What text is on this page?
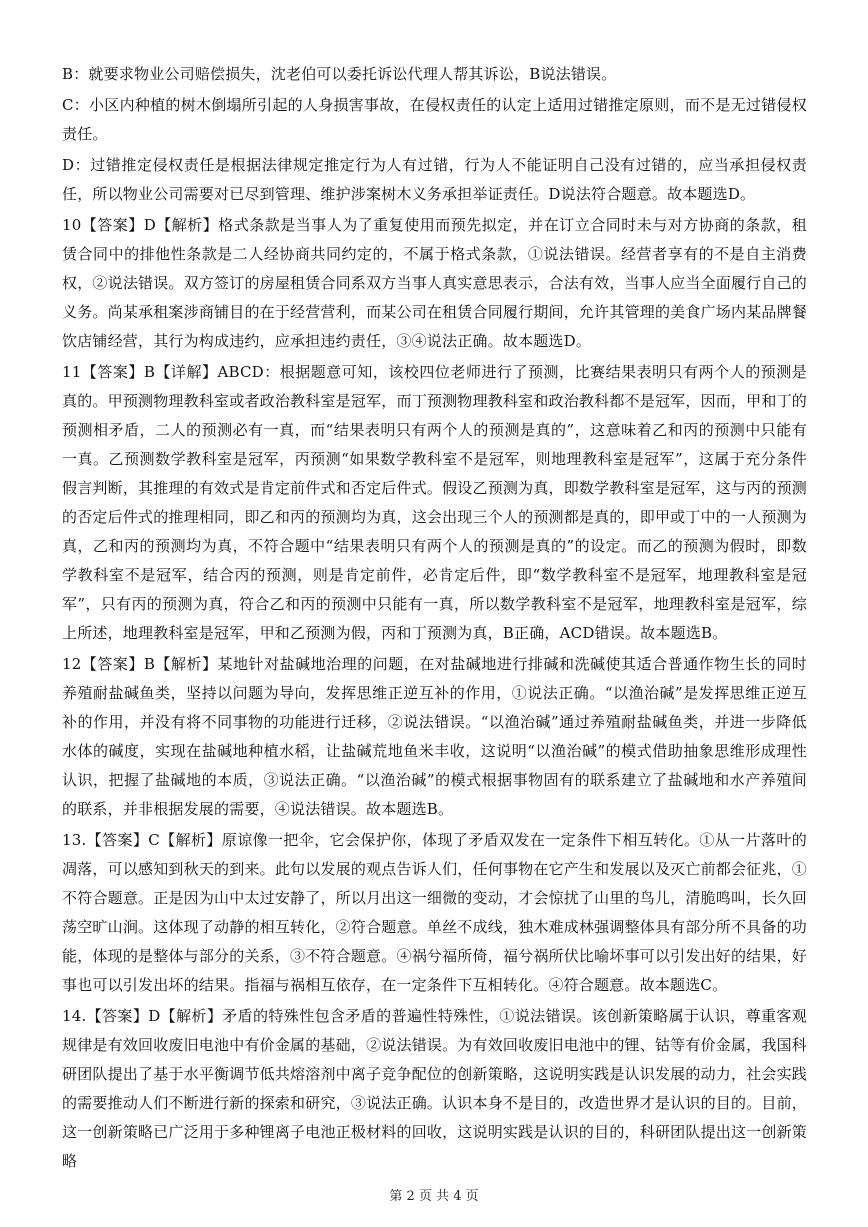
B：就要求物业公司赔偿损失，沈老伯可以委托诉讼代理人帮其诉讼，B说法错误。

C：小区内种植的树木倒塌所引起的人身损害事故，在侵权责任的认定上适用过错推定原则，而不是无过错侵权责任。

D：过错推定侵权责任是根据法律规定推定行为人有过错，行为人不能证明自己没有过错的，应当承担侵权责任，所以物业公司需要对已尽到管理、维护涉案树木义务承担举证责任。D说法符合题意。故本题选D。

10【答案】D【解析】格式条款是当事人为了重复使用而预先拟定，并在订立合同时未与对方协商的条款，租赁合同中的排他性条款是二人经协商共同约定的，不属于格式条款，①说法错误。经营者享有的不是自主消费权，②说法错误。双方签订的房屋租赁合同系双方当事人真实意思表示，合法有效，当事人应当全面履行自己的义务。尚某承租案涉商铺目的在于经营营利，而某公司在租赁合同履行期间，允许其管理的美食广场内某品牌餐饮店铺经营，其行为构成违约，应承担违约责任，③④说法正确。故本题选D。

11【答案】B【详解】ABCD：根据题意可知，该校四位老师进行了预测，比赛结果表明只有两个人的预测是真的。甲预测物理教科室或者政治教科室是冠军，而丁预测物理教科室和政治教科都不是冠军，因而，甲和丁的预测相矛盾，二人的预测必有一真，而“结果表明只有两个人的预测是真的”，这意味着乙和丙的预测中只能有一真。乙预测数学教科室是冠军，丙预测“如果数学教科室不是冠军，则地理教科室是冠军”，这属于充分条件假言判断，其推理的有效式是肯定前件式和否定后件式。假设乙预测为真，即数学教科室是冠军，这与丙的预测的否定后件式的推理相同，即乙和丙的预测均为真，这会出现三个人的预测都是真的，即甲或丁中的一人预测为真，乙和丙的预测均为真，不符合题中“结果表明只有两个人的预测是真的”的设定。而乙的预测为假时，即数学教科室不是冠军，结合丙的预测，则是肯定前件，必肯定后件，即“数学教科室不是冠军，地理教科室是冠军”，只有丙的预测为真，符合乙和丙的预测中只能有一真，所以数学教科室不是冠军，地理教科室是冠军，综上所述，地理教科室是冠军，甲和乙预测为假，丙和丁预测为真，B正确，ACD错误。故本题选B。

12【答案】B【解析】某地针对盐碱地治理的问题，在对盐碱地进行排碱和洗碱使其适合普通作物生长的同时养殖耐盐碱鱼类，坚持以问题为导向，发挥思维正逆互补的作用，①说法正确。“以渔治碱”是发挥思维正逆互补的作用，并没有将不同事物的功能进行迁移，②说法错误。“以渔治碱”通过养殖耐盐碱鱼类，并进一步降低水体的碱度，实现在盐碱地种植水稻，让盐碱荒地鱼米丰收，这说明“以渔治碱”的模式借助抽象思维形成理性认识，把握了盐碱地的本质，③说法正确。“以渔治碱”的模式根据事物固有的联系建立了盐碱地和水产养殖间的联系，并非根据发展的需要，④说法错误。故本题选B。

13.【答案】C【解析】原谅像一把伞，它会保护你，体现了矛盾双发在一定条件下相互转化。①从一片落叶的凋落，可以感知到秋天的到来。此句以发展的观点告诉人们，任何事物在它产生和发展以及灭亡前都会征兆，①不符合题意。正是因为山中太过安静了，所以月出这一细微的变动，才会惊扰了山里的鸟儿，清脆鸣叫，长久回荡空旷山涧。这体现了动静的相互转化，②符合题意。单丝不成线，独木难成林强调整体具有部分所不具备的功能，体现的是整体与部分的关系，③不符合题意。④祸兮福所倚，福兮祸所伏比喻坏事可以引发出好的结果，好事也可以引发出坏的结果。指福与祸相互依存，在一定条件下互相转化。④符合题意。故本题选C。

14.【答案】D【解析】矛盾的特殊性包含矛盾的普遍性特殊性，①说法错误。该创新策略属于认识，尊重客观规律是有效回收废旧电池中有价金属的基础，②说法错误。为有效回收废旧电池中的锂、钴等有价金属，我国科研团队提出了基于水平衡调节低共熔溶剂中离子竞争配位的创新策略，这说明实践是认识发展的动力，社会实践的需要推动人们不断进行新的探索和研究，③说法正确。认识本身不是目的，改造世界才是认识的目的。目前，这一创新策略已广泛用于多种锂离子电池正极材料的回收，这说明实践是认识的目的，科研团队提出这一创新策略

第 2 页 共 4 页
